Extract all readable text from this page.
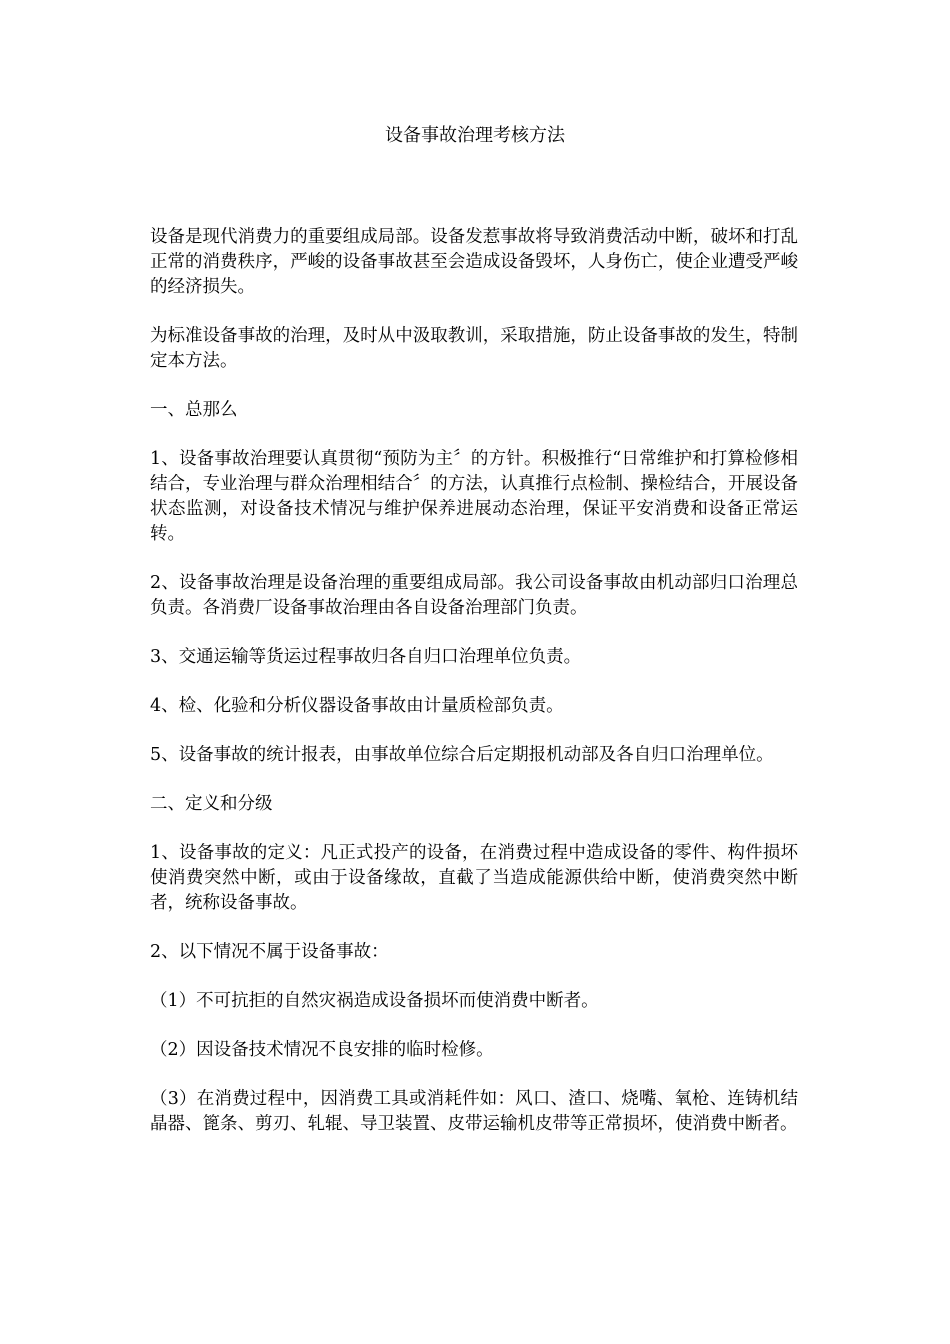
设备事故治理考核方法

设备是现代消费力的重要组成局部。设备发惹事故将导致消费活动中断，破坏和打乱正常的消费秩序，严峻的设备事故甚至会造成设备毁坏，人身伤亡，使企业遭受严峻的经济损失。

为标准设备事故的治理，及时从中汲取教训，采取措施，防止设备事故的发生，特制定本方法。

一、总那么

1、设备事故治理要认真贯彻“预防为主〞的方针。积极推行“日常维护和打算检修相结合，专业治理与群众治理相结合〞的方法，认真推行点检制、操检结合，开展设备状态监测，对设备技术情况与维护保养进展动态治理，保证平安消费和设备正常运转。

2、设备事故治理是设备治理的重要组成局部。我公司设备事故由机动部归口治理总负责。各消费厂设备事故治理由各自设备治理部门负责。

3、交通运输等货运过程事故归各自归口治理单位负责。

4、检、化验和分析仪器设备事故由计量质检部负责。

5、设备事故的统计报表，由事故单位综合后定期报机动部及各自归口治理单位。

二、定义和分级

1、设备事故的定义：凡正式投产的设备，在消费过程中造成设备的零件、构件损坏使消费突然中断，或由于设备缘故，直截了当造成能源供给中断，使消费突然中断者，统称设备事故。

2、以下情况不属于设备事故：

（1）不可抗拒的自然灾祸造成设备损坏而使消费中断者。

（2）因设备技术情况不良安排的临时检修。

（3）在消费过程中，因消费工具或消耗件如：风口、渣口、烧嘴、氧枪、连铸机结晶器、篦条、剪刃、轧辊、导卫装置、皮带运输机皮带等正常损坏，使消费中断者。
